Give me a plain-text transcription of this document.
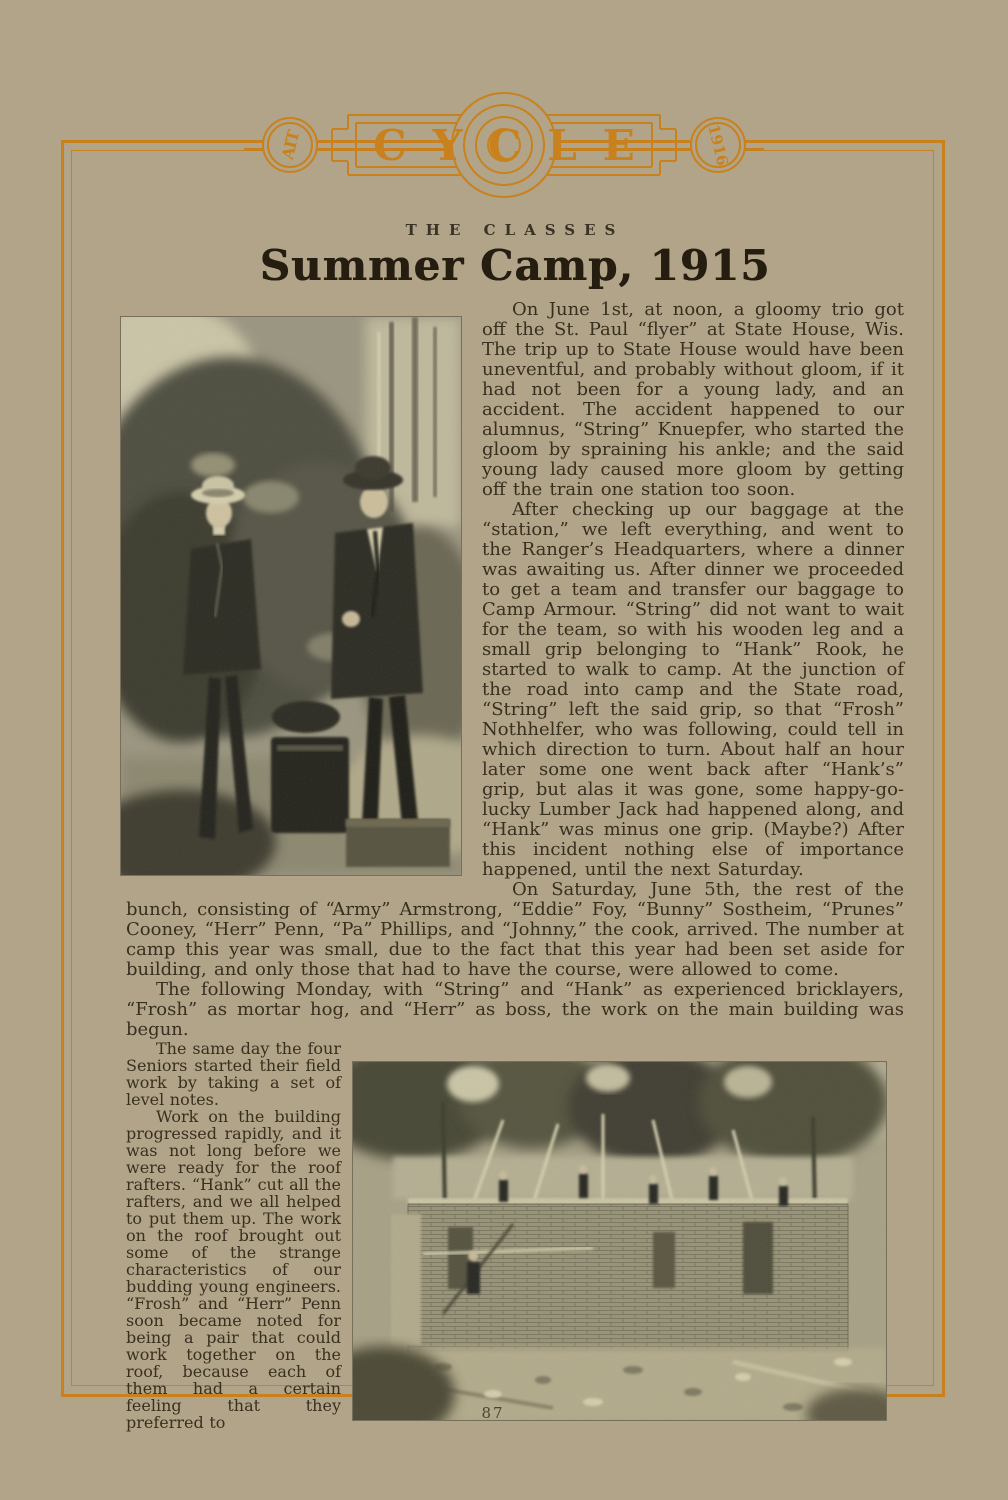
AIT CYCLE	1916
THE CLASSES
Summer Camp, 1915

On June 1st, at noon, a gloomy trio got off the St. Paul “flyer” at State House, Wis. The trip up to State House would have been uneventful, and probably without gloom, if it had not been for a young lady, and an accident. The accident happened to our alumnus, “String” Knuepfer, who started the gloom by spraining his ankle; and the said young lady caused more gloom by getting off the train one station too soon.

After checking up our baggage at the “station,” we left everything, and went to the Ranger’s Headquarters, where a dinner was awaiting us. After dinner we proceeded to get a team and transfer our baggage to Camp Armour. “String” did not want to wait for the team, so with his wooden leg and a small grip belonging to “Hank” Rook, he started to walk to camp. At the junction of the road into camp and the State road, “String” left the said grip, so that “Frosh” Nothhelfer, who was following, could tell in which direction to turn. About half an hour later some one went back after “Hank’s” grip, but alas it was gone, some happy-go-lucky Lumber Jack had happened along, and “Hank” was minus one grip. (Maybe?) After this incident nothing else of importance happened, until the next Saturday.

On Saturday, June 5th, the rest of the bunch, consisting of “Army” Armstrong, “Eddie” Foy, “Bunny” Sostheim, “Prunes” Cooney, “Herr” Penn, “Pa” Phillips, and “Johnny,” the cook, arrived. The number at camp this year was small, due to the fact that this year had been set aside for building, and only those that had to have the course, were allowed to come.

The following Monday, with “String” and “Hank” as experienced bricklayers, “Frosh” as mortar hog, and “Herr” as boss, the work on the main building was begun.

The same day the four Seniors started their field work by taking a set of level notes.

Work on the building progressed rapidly, and it was not long before we were ready for the roof rafters. “Hank” cut all the rafters, and we all helped to put them up. The work on the roof brought out some of the strange characteristics of our budding young engineers. “Frosh” and “Herr” Penn soon became noted for being a pair that could work together on the roof, because each of them had a certain feeling that they preferred to	87
